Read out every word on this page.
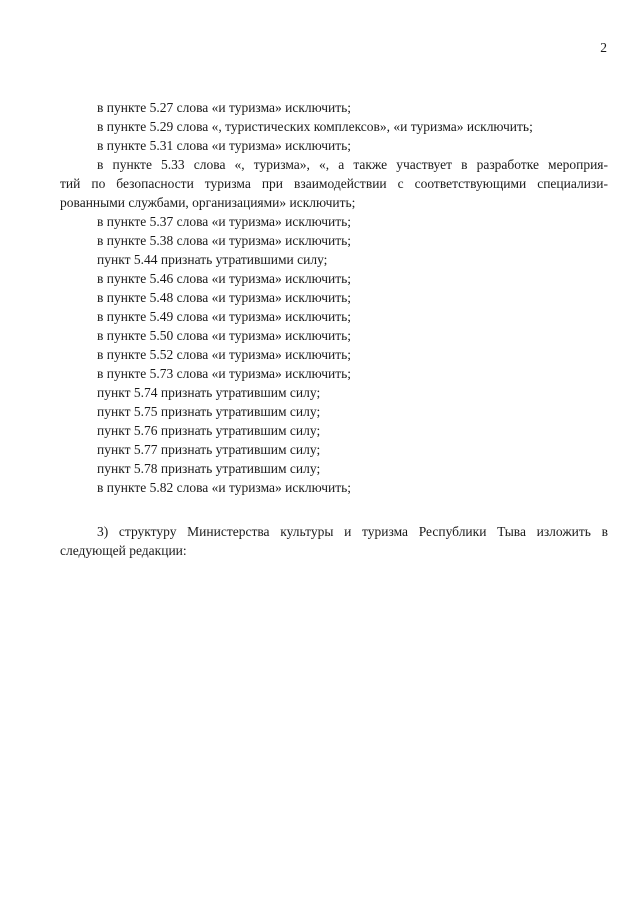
2

в пункте 5.27 слова «и туризма» исключить;

в пункте 5.29 слова «, туристических комплексов», «и туризма» исключить;

в пункте 5.31 слова «и туризма» исключить;

в пункте 5.33 слова «, туризма», «, а также участвует в разработке мероприя-

тий по безопасности туризма при взаимодействии с соответствующими специализи-

рованными службами, организациями» исключить;

в пункте 5.37 слова «и туризма» исключить;

в пункте 5.38 слова «и туризма» исключить;

пункт 5.44 признать утратившими силу;

в пункте 5.46 слова «и туризма» исключить;

в пункте 5.48 слова «и туризма» исключить;

в пункте 5.49 слова «и туризма» исключить;

в пункте 5.50 слова «и туризма» исключить;

в пункте 5.52 слова «и туризма» исключить;

в пункте 5.73 слова «и туризма» исключить;

пункт 5.74 признать утратившим силу;

пункт 5.75 признать утратившим силу;

пункт 5.76 признать утратившим силу;

пункт 5.77 признать утратившим силу;

пункт 5.78 признать утратившим силу;

в пункте 5.82 слова «и туризма» исключить;

3) структуру Министерства культуры и туризма Республики Тыва изложить в

следующей редакции:
